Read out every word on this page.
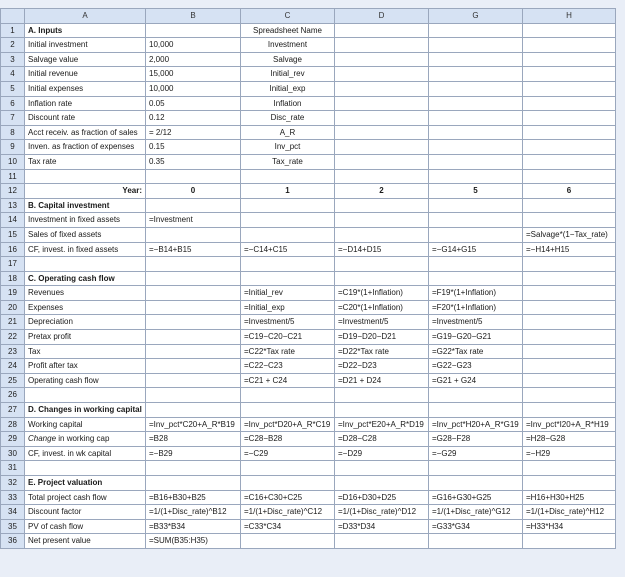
	A	B	C	D	G	H
1	A. Inputs		Spreadsheet Name			
2	Initial investment	10,000	Investment			
3	Salvage value	2,000	Salvage			
4	Initial revenue	15,000	Initial_rev			
5	Initial expenses	10,000	Initial_exp			
6	Inflation rate	0.05	Inflation			
7	Discount rate	0.12	Disc_rate			
8	Acct receiv. as fraction of sales	= 2/12	A_R			
9	Inven. as fraction of expenses	0.15	Inv_pct			
10	Tax rate	0.35	Tax_rate			
11						
12	Year:	0	1	2	5	6
13	B. Capital investment					
14	Investment in fixed assets	=Investment				
15	Sales of fixed assets					=Salvage*(1−Tax_rate)
16	CF, invest. in fixed assets	=−B14+B15	=−C14+C15	=−D14+D15	=−G14+G15	=−H14+H15
17						
18	C. Operating cash flow					
19	Revenues		=Initial_rev	=C19*(1+Inflation)	=F19*(1+Inflation)	
20	Expenses		=Initial_exp	=C20*(1+Inflation)	=F20*(1+Inflation)	
21	Depreciation		=Investment/5	=Investment/5	=Investment/5	
22	Pretax profit		=C19−C20−C21	=D19−D20−D21	=G19−G20−G21	
23	Tax		=C22*Tax rate	=D22*Tax rate	=G22*Tax rate	
24	Profit after tax		=C22−C23	=D22−D23	=G22−G23	
25	Operating cash flow		=C21 + C24	=D21 + D24	=G21 + G24	
26						
27	D. Changes in working capital					
28	Working capital	=Inv_pct*C20+A_R*B19	=Inv_pct*D20+A_R*C19	=Inv_pct*E20+A_R*D19	=Inv_pct*H20+A_R*G19	=Inv_pct*I20+A_R*H19
29	Change in working cap	=B28	=C28−B28	=D28−C28	=G28−F28	=H28−G28
30	CF, invest. in wk capital	=−B29	=−C29	=−D29	=−G29	=−H29
31						
32	E. Project valuation					
33	Total project cash flow	=B16+B30+B25	=C16+C30+C25	=D16+D30+D25	=G16+G30+G25	=H16+H30+H25
34	Discount factor	=1/(1+Disc_rate)^B12	=1/(1+Disc_rate)^C12	=1/(1+Disc_rate)^D12	=1/(1+Disc_rate)^G12	=1/(1+Disc_rate)^H12
35	PV of cash flow	=B33*B34	=C33*C34	=D33*D34	=G33*G34	=H33*H34
36	Net present value	=SUM(B35:H35)				
